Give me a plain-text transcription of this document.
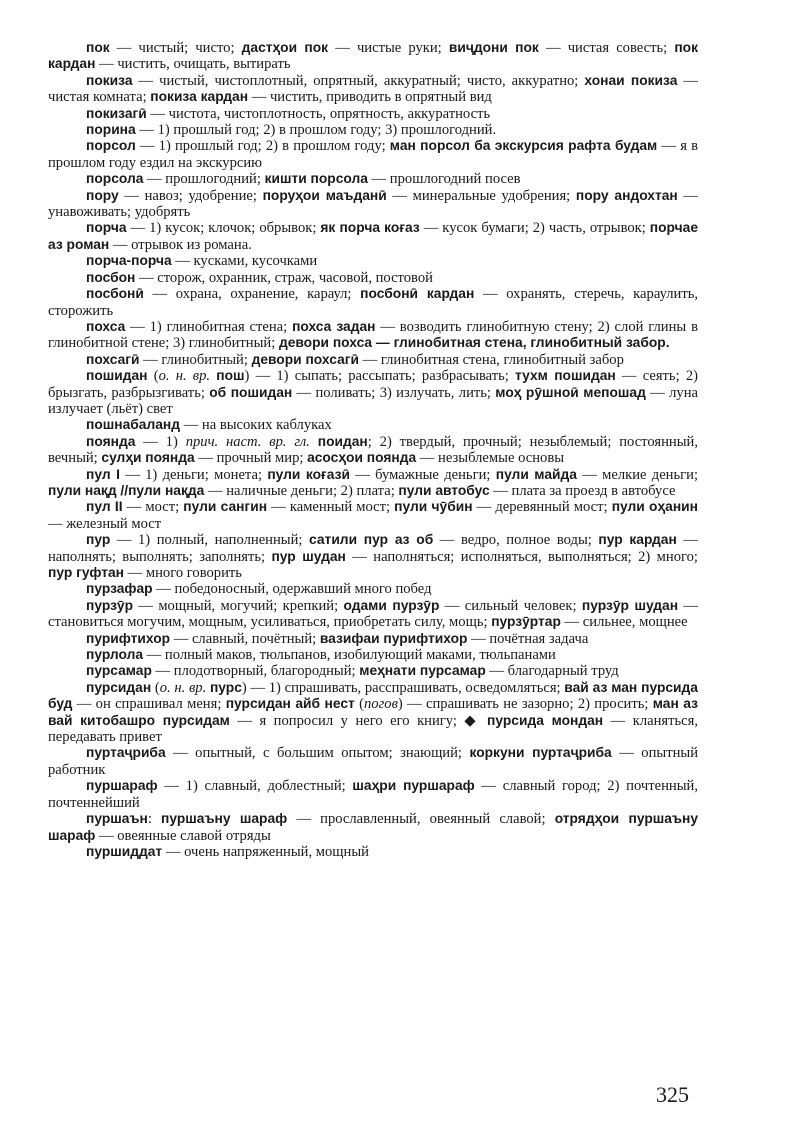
пок — чистый; чисто; дастҳои пок — чистые руки; виҷдони пок — чистая совесть; пок кардан — чистить, очищать, вытирать

покиза — чистый, чистоплотный, опрятный, аккуратный; чисто, аккуратно; хонаи покиза — чистая комната; покиза кардан — чистить, приводить в опрятный вид

покизагӣ — чистота, чистоплотность, опрятность, аккуратность

порина — 1) прошлый год; 2) в прошлом году; 3) прошлогодний.

порсол — 1) прошлый год; 2) в прошлом году; ман порсол ба экскурсия рафта будам — я в прошлом году ездил на экскурсию

порсола — прошлогодний; кишти порсола — прошлогодний посев

пору — навоз; удобрение; поруҳои маъданӣ — минеральные удобрения; пору андохтан — унавоживать; удобрять

порча — 1) кусок; клочок; обрывок; як порча коғаз — кусок бумаги; 2) часть, отрывок; порчае аз роман — отрывок из романа.

порча-порча — кусками, кусочками

посбон — сторож, охранник, страж, часовой, постовой

посбонӣ — охрана, охранение, караул; посбонӣ кардан — охранять, стеречь, караулить, сторожить

похса — 1) глинобитная стена; похса задан — возводить глинобитную стену; 2) слой глины в глинобитной стене; 3) глинобитный; девори похса — глинобитная стена, глинобитный забор.

похсагӣ — глинобитный; девори похсагӣ — глинобитная стена, глинобитный забор

пошидан (о. н. вр. пош) — 1) сыпать; рассыпать; разбрасывать; тухм пошидан — сеять; 2) брызгать, разбрызгивать; об пошидан — поливать; 3) излучать, лить; моҳ рӯшноӣ мепошад — луна излучает (льёт) свет

пошнабаланд — на высоких каблуках

поянда — 1) прич. наст. вр. гл. поидан; 2) твердый, прочный; незыблемый; постоянный, вечный; сулҳи поянда — прочный мир; асосҳои поянда — незыблемые основы

пул I — 1) деньги; монета; пули коғазӣ — бумажные деньги; пули майда — мелкие деньги; пули нақд //пули нақда — наличные деньги; 2) плата; пули автобус — плата за проезд в автобусе

пул II — мост; пули сангин — каменный мост; пули чӯбин — деревянный мост; пули оҳанин — железный мост

пур — 1) полный, наполненный; сатили пур аз об — ведро, полное воды; пур кардан — наполнять; выполнять; заполнять; пур шудан — наполняться; исполняться, выполняться; 2) много; пур гуфтан — много говорить

пурзафар — победоносный, одержавший много побед

пурзӯр — мощный, могучий; крепкий; одами пурзӯр — сильный человек; пурзӯр шудан — становиться могучим, мощным, усиливаться, приобретать силу, мощь; пурзӯртар — сильнее, мощнее

пурифтихор — славный, почётный; вазифаи пурифтихор — почётная задача

пурлола — полный маков, тюльпанов, изобилующий маками, тюльпанами

пурсамар — плодотворный, благородный; меҳнати пурсамар — благодарный труд

пурсидан (о. н. вр. пурс) — 1) спрашивать, расспрашивать, осведомляться; вай аз ман пурсида буд — он спрашивал меня; пурсидан айб нест (погов) — спрашивать не зазорно; 2) просить; ман аз вай китобашро пурсидам — я попросил у него его книгу; ◆ пурсида мондан — кланяться, передавать привет

пуртаҷриба — опытный, с большим опытом; знающий; коркуни пуртаҷриба — опытный работник

пуршараф — 1) славный, доблестный; шаҳри пуршараф — славный город; 2) почтенный, почтеннейший

пуршаън: пуршаъну шараф — прославленный, овеянный славой; отрядҳои пуршаъну шараф — овеянные славой отряды

пуршиддат — очень напряженный, мощный

325
